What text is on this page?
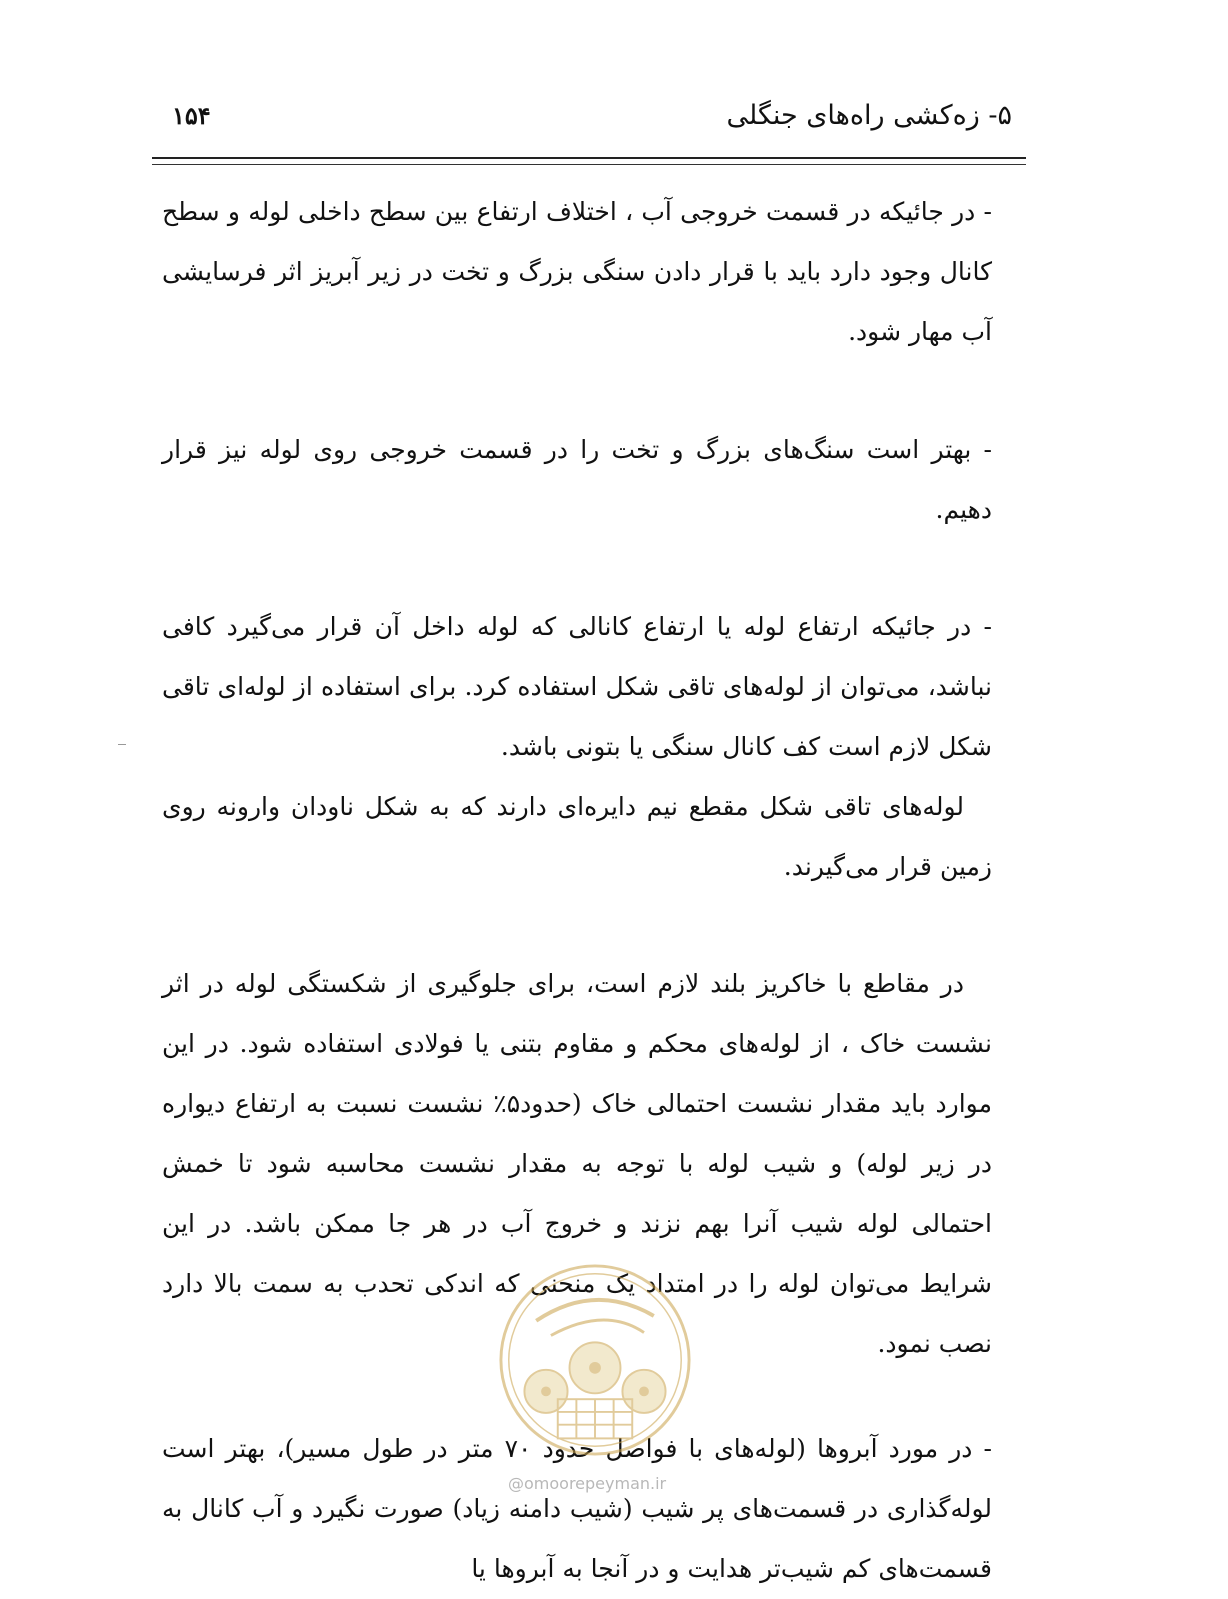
۵- زه‌کشی راه‌های جنگلی
۱۵۴

- در جائیکه در قسمت خروجی آب ، اختلاف ارتفاع بین سطح داخلی لوله و سطح کانال وجود دارد باید با قرار دادن سنگی بزرگ و تخت در زیر آبریز اثر فرسایشی آب مهار شود.

- بهتر است سنگ‌های بزرگ و تخت را در قسمت خروجی روی لوله نیز قرار دهیم.

- در جائیکه ارتفاع لوله یا ارتفاع کانالی که لوله داخل آن قرار می‌گیرد کافی نباشد، می‌توان از لوله‌های تاقی شکل استفاده کرد. برای استفاده از لوله‌ای تاقی شکل لازم است کف کانال سنگی یا بتونی باشد.

لوله‌های تاقی شکل مقطع نیم دایره‌ای دارند که به شکل ناودان وارونه روی زمین قرار می‌گیرند.

در مقاطع با خاکریز بلند لازم است، برای جلوگیری از شکستگی لوله در اثر نشست خاک ، از لوله‌های محکم و مقاوم بتنی یا فولادی استفاده شود. در این موارد باید مقدار نشست احتمالی خاک (حدود۵٪ نشست نسبت به ارتفاع دیواره در زیر لوله) و شیب لوله با توجه به مقدار نشست محاسبه شود تا خمش احتمالی لوله شیب آنرا بهم نزند و خروج آب در هر جا ممکن باشد. در این شرایط می‌توان لوله را در امتداد یک منحنی که اندکی تحدب به سمت بالا دارد نصب نمود.

- در مورد آبروها (لوله‌های با فواصل حدود ۷۰ متر در طول مسیر)، بهتر است لوله‌گذاری در قسمت‌های پر شیب (شیب دامنه زیاد) صورت نگیرد و آب کانال به قسمت‌های کم شیب‌تر هدایت و در آنجا به آبروها یا

@omoorepeyman.ir
